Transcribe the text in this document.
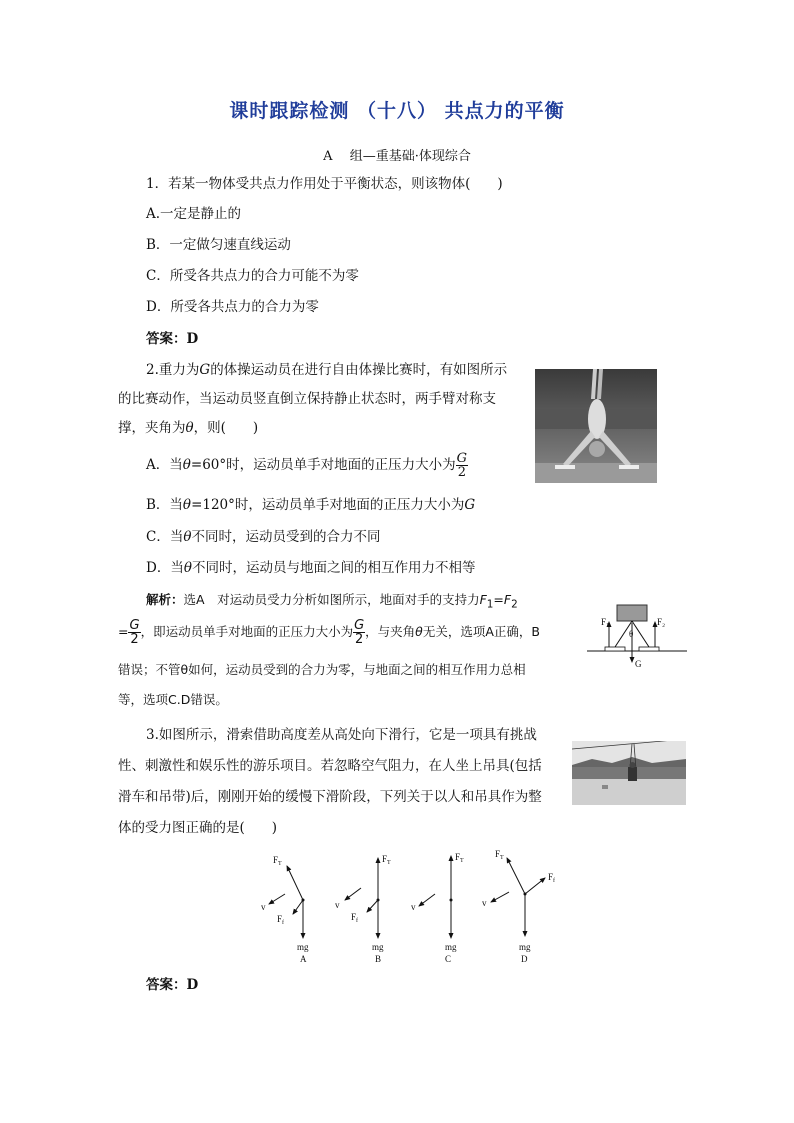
课时跟踪检测 （十八） 共点力的平衡
A　 组—重基础·体现综合
1．若某一物体受共点力作用处于平衡状态，则该物体(　　)
A.一定是静止的
B．一定做匀速直线运动
C．所受各共点力的合力可能不为零
D．所受各共点力的合力为零
答案：D
2.重力为G的体操运动员在进行自由体操比赛时，有如图所示
的比赛动作，当运动员竖直倒立保持静止状态时，两手臂对称支
撑，夹角为θ，则(　　)
A．当θ=60°时，运动员单手对地面的正压力大小为 $\frac{G}{2}$
B．当θ=120°时，运动员单手对地面的正压力大小为G
C．当θ不同时，运动员受到的合力不同
D．当θ不同时，运动员与地面之间的相互作用力不相等
解析：选A　对运动员受力分析如图所示，地面对手的支持力$F_1=F_2$
= $\frac{G}{2}$ ，即运动员单手对地面的正压力大小为 $\frac{G}{2}$ ，与夹角θ无关，选项A正确，B
错误；不管θ如何，运动员受到的合力为零，与地面之间的相互作用力总相
等，选项C.D错误。
F₁	F₂
θ
G
3.如图所示，滑索借助高度差从高处向下滑行，它是一项具有挑战
性、刺激性和娱乐性的游乐项目。若忽略空气阻力，在人坐上吊具(包括
滑车和吊带)后，刚刚开始的缓慢下滑阶段，下列关于以人和吊具作为整
体的受力图正确的是(　　)
$F_T$
v
$F_f$
mg
A
$F_T$
v
$F_f$
mg
B
$F_T$
v
mg
C
$F_T$
$F_f$
v
mg
D
答案：D
